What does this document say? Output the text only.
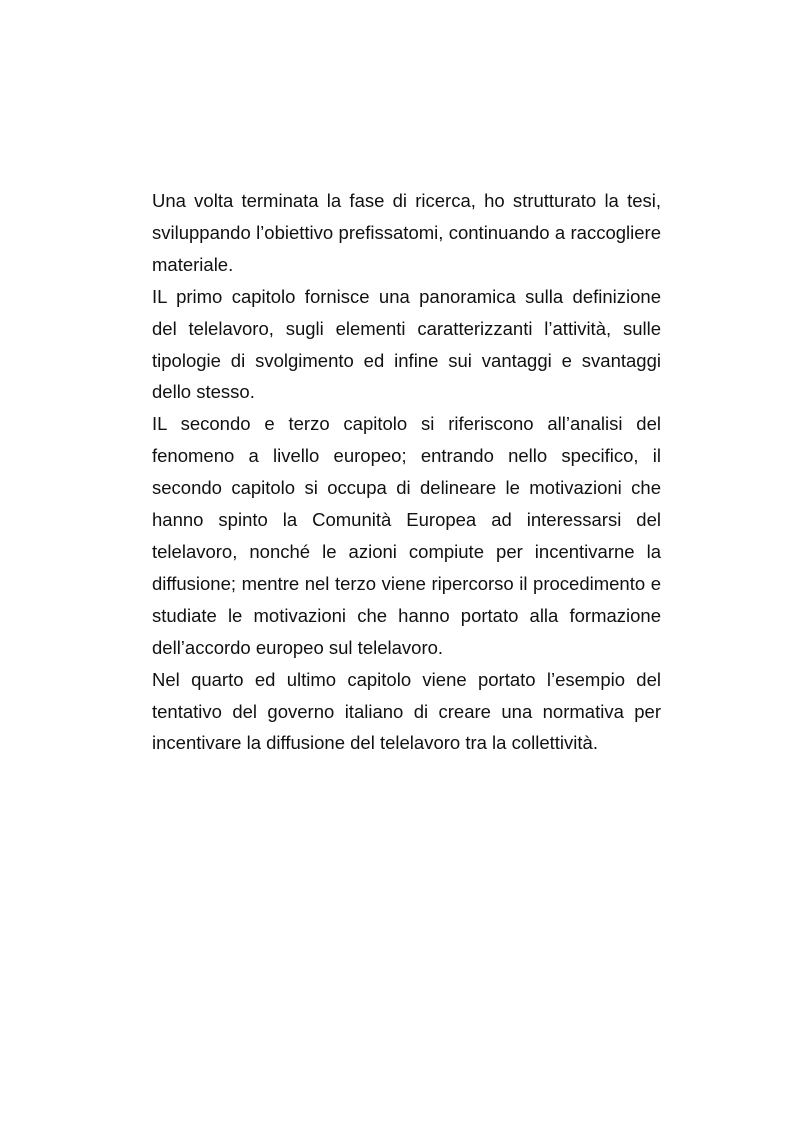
Una volta terminata la fase di ricerca, ho strutturato la tesi, sviluppando l’obiettivo prefissatomi, continuando a raccogliere materiale.

IL primo capitolo fornisce una panoramica sulla definizione del telelavoro, sugli elementi caratterizzanti l’attività, sulle tipologie di svolgimento ed infine sui vantaggi e svantaggi dello stesso.

IL secondo e terzo capitolo si riferiscono all’analisi del fenomeno a livello europeo; entrando nello specifico, il secondo capitolo si occupa di delineare le motivazioni che hanno spinto la Comunità Europea ad interessarsi del telelavoro, nonché le azioni compiute per incentivarne la diffusione; mentre nel terzo viene ripercorso il procedimento e studiate le motivazioni che hanno portato alla formazione dell’accordo europeo sul telelavoro.

Nel quarto ed ultimo capitolo viene portato l’esempio del tentativo del governo italiano di creare una normativa per incentivare la diffusione del telelavoro tra la collettività.
